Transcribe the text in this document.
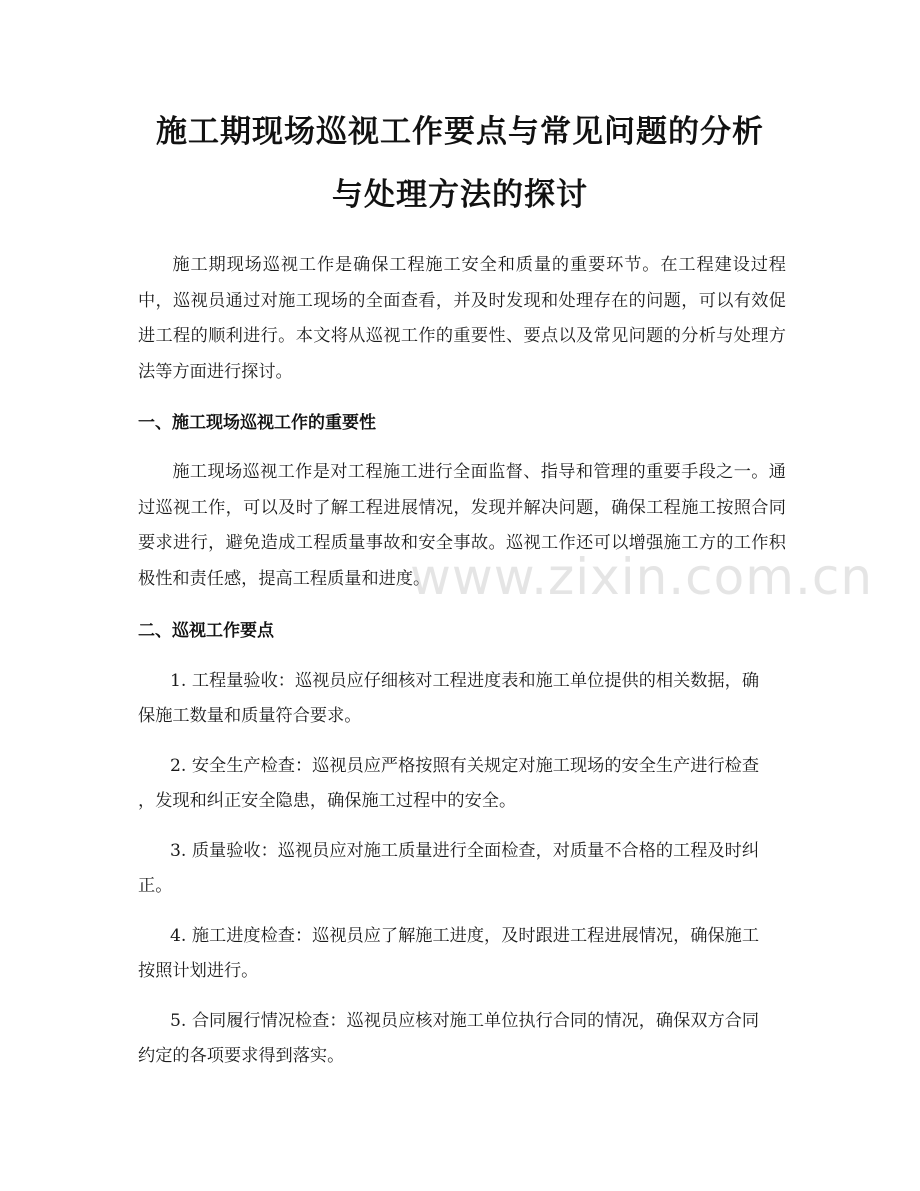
施工期现场巡视工作要点与常见问题的分析
与处理方法的探讨

施工期现场巡视工作是确保工程施工安全和质量的重要环节。在工程建设过程中，巡视员通过对施工现场的全面查看，并及时发现和处理存在的问题，可以有效促进工程的顺利进行。本文将从巡视工作的重要性、要点以及常见问题的分析与处理方法等方面进行探讨。

一、施工现场巡视工作的重要性

施工现场巡视工作是对工程施工进行全面监督、指导和管理的重要手段之一。通过巡视工作，可以及时了解工程进展情况，发现并解决问题，确保工程施工按照合同要求进行，避免造成工程质量事故和安全事故。巡视工作还可以增强施工方的工作积极性和责任感，提高工程质量和进度。

二、巡视工作要点
1. 工程量验收：巡视员应仔细核对工程进度表和施工单位提供的相关数据，确
保施工数量和质量符合要求。
2. 安全生产检查：巡视员应严格按照有关规定对施工现场的安全生产进行检查
，发现和纠正安全隐患，确保施工过程中的安全。
3. 质量验收：巡视员应对施工质量进行全面检查，对质量不合格的工程及时纠
正。
4. 施工进度检查：巡视员应了解施工进度，及时跟进工程进展情况，确保施工
按照计划进行。
5. 合同履行情况检查：巡视员应核对施工单位执行合同的情况，确保双方合同
约定的各项要求得到落实。
www.zixin.com.cn
